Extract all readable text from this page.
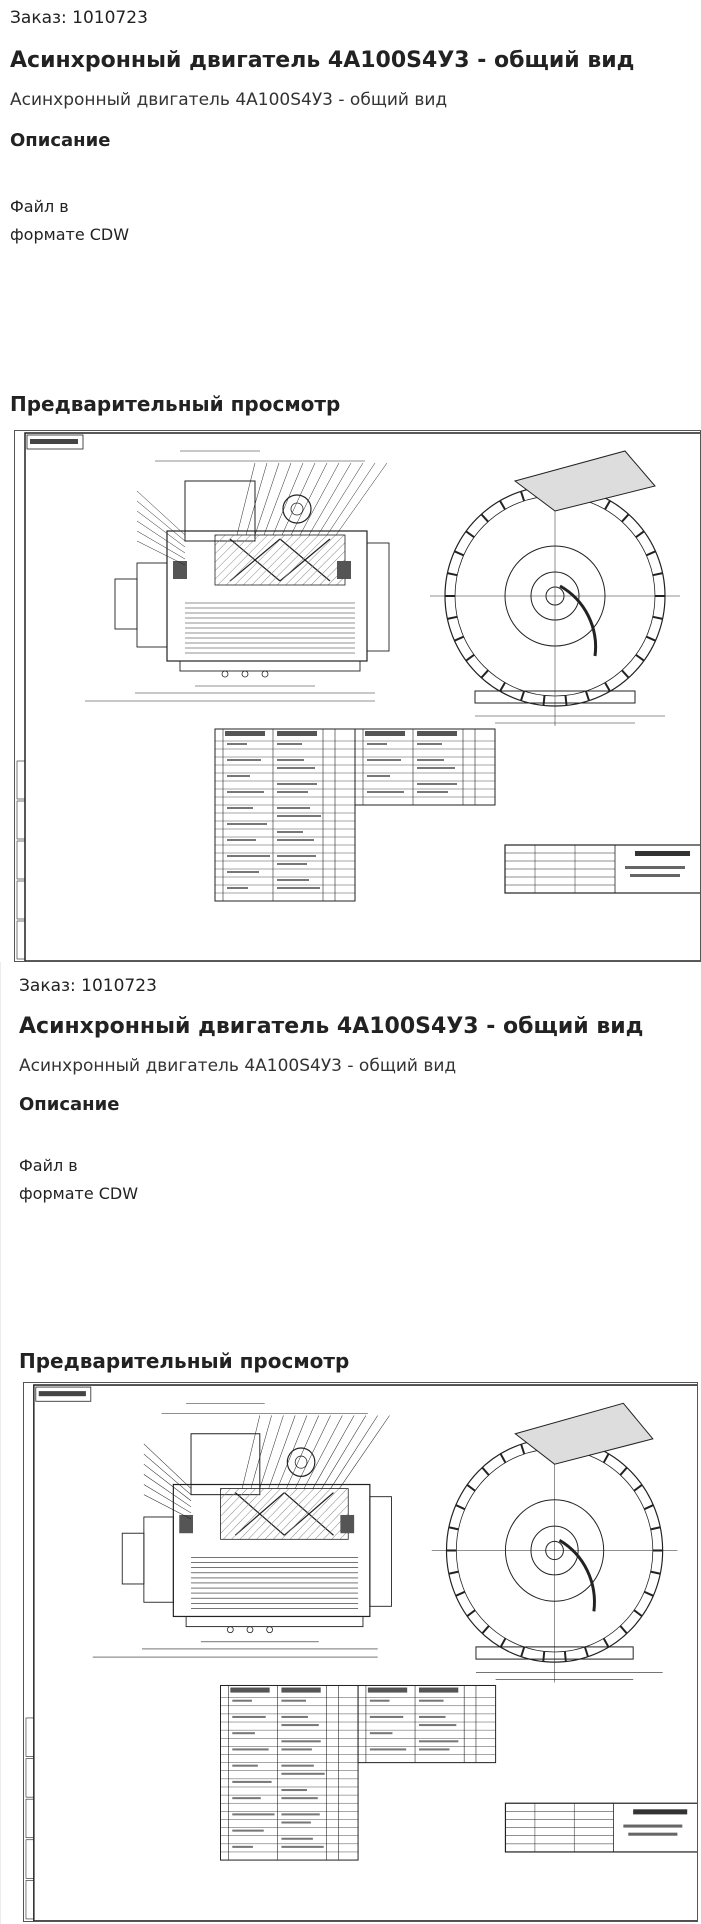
Заказ: 1010723

Асинхронный двигатель 4А100S4У3 - общий вид

Асинхронный двигатель 4А100S4У3 - общий вид

Описание
Файл в
формате CDW
Предварительный просмотр

Заказ: 1010723

Асинхронный двигатель 4А100S4У3 - общий вид

Асинхронный двигатель 4А100S4У3 - общий вид

Описание
Файл в
формате CDW
Предварительный просмотр
